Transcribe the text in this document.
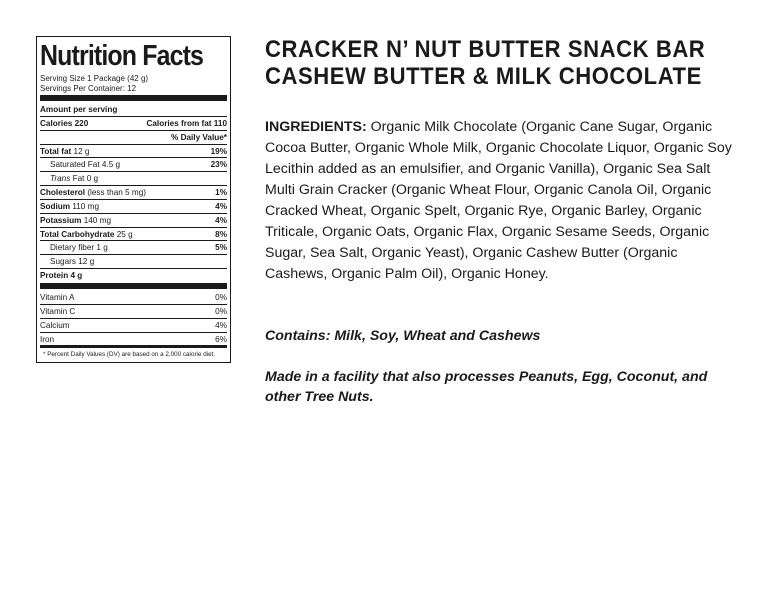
Nutrition Facts
Serving Size 1 Package (42 g)
Servings Per Container: 12
Amount per serving
Calories 220	Calories from fat 110
% Daily Value*
Total fat 12 g	19%
Saturated Fat 4.5 g	23%
Trans Fat 0 g
Cholesterol (less than 5 mg)	1%
Sodium 110 mg	4%
Potassium 140 mg	4%
Total Carbohydrate 25 g	8%
Dietary fiber 1 g	5%
Sugars 12 g
Protein 4 g
Vitamin A	0%
Vitamin C	0%
Calcium	4%
Iron	6%
* Percent Daily Values (DV) are based on a 2,000 calorie diet.
CRACKER N’ NUT BUTTER SNACK BAR
CASHEW BUTTER & MILK CHOCOLATE
INGREDIENTS: Organic Milk Chocolate (Organic Cane Sugar, Organic Cocoa Butter, Organic Whole Milk, Organic Chocolate Liquor, Organic Soy Lecithin added as an emulsifier, and Organic Vanilla), Organic Sea Salt Multi Grain Cracker (Organic Wheat Flour, Organic Canola Oil, Organic Cracked Wheat, Organic Spelt, Organic Rye, Organic Barley, Organic Triticale, Organic Oats, Organic Flax, Organic Sesame Seeds, Organic Sugar, Sea Salt, Organic Yeast), Organic Cashew Butter (Organic Cashews, Organic Palm Oil), Organic Honey.
Contains: Milk, Soy, Wheat and Cashews
Made in a facility that also processes Peanuts, Egg, Coconut, and other Tree Nuts.
